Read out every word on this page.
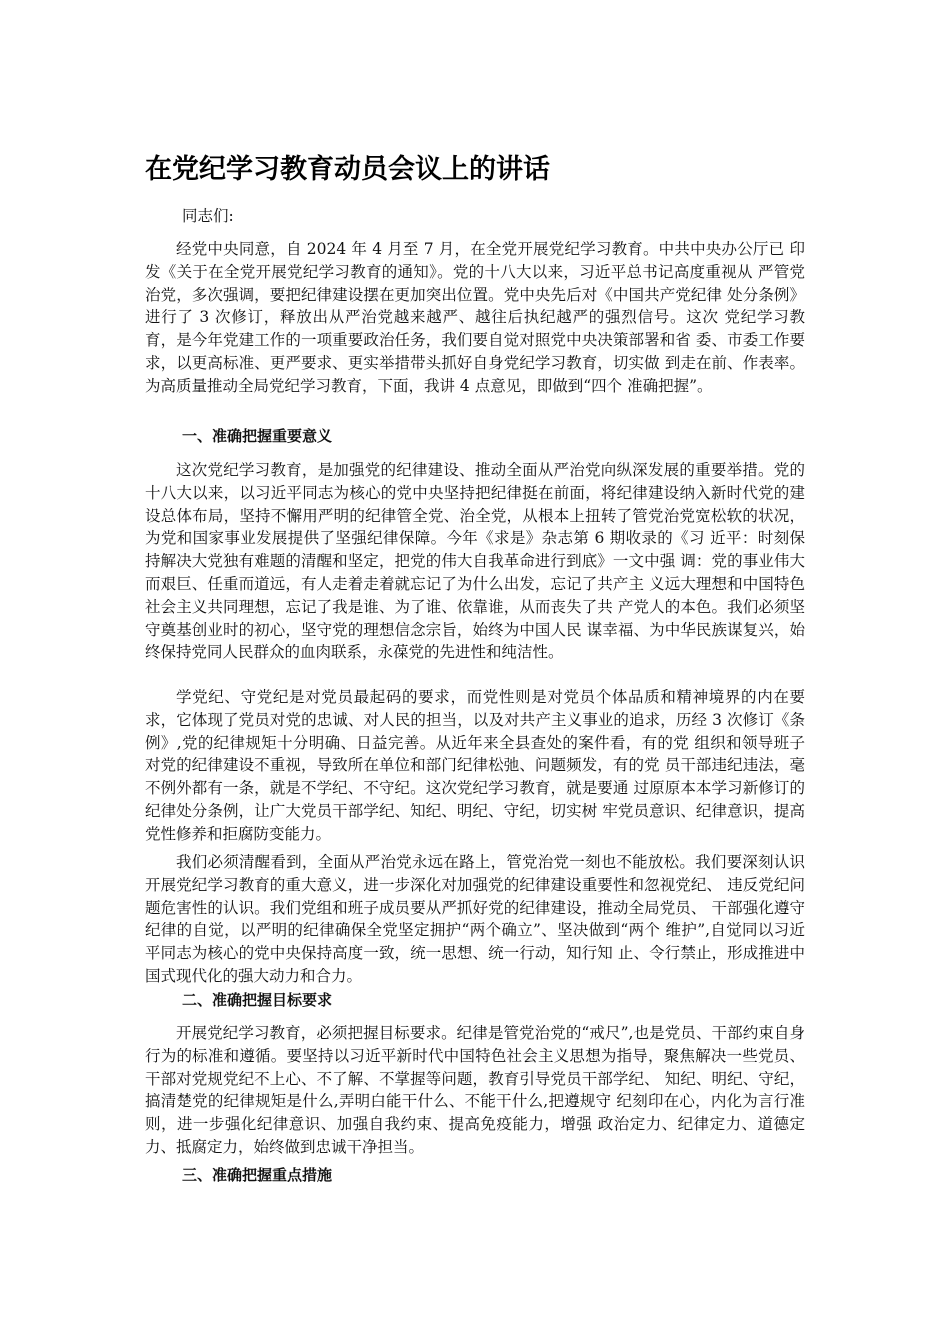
在党纪学习教育动员会议上的讲话

同志们:

经党中央同意，自 2024 年 4 月至 7 月，在全党开展党纪学习教育。中共中央办公厅已 印发《关于在全党开展党纪学习教育的通知》。党的十八大以来，习近平总书记高度重视从 严管党治党，多次强调，要把纪律建设摆在更加突出位置。党中央先后对《中国共产党纪律 处分条例》进行了 3 次修订，释放出从严治党越来越严、越往后执纪越严的强烈信号。这次 党纪学习教育，是今年党建工作的一项重要政治任务，我们要自觉对照党中央决策部署和省 委、市委工作要求，以更高标准、更严要求、更实举措带头抓好自身党纪学习教育，切实做 到走在前、作表率。为高质量推动全局党纪学习教育，下面，我讲 4 点意见，即做到“四个 准确把握”。

一、准确把握重要意义

这次党纪学习教育，是加强党的纪律建设、推动全面从严治党向纵深发展的重要举措。党的十八大以来，以习近平同志为核心的党中央坚持把纪律挺在前面，将纪律建设纳入新时代党的建设总体布局，坚持不懈用严明的纪律管全党、治全党，从根本上扭转了管党治党宽松软的状况，为党和国家事业发展提供了坚强纪律保障。今年《求是》杂志第 6 期收录的《习 近平：时刻保持解决大党独有难题的清醒和坚定，把党的伟大自我革命进行到底》一文中强 调：党的事业伟大而艰巨、任重而道远，有人走着走着就忘记了为什么出发，忘记了共产主 义远大理想和中国特色社会主义共同理想，忘记了我是谁、为了谁、依靠谁，从而丧失了共 产党人的本色。我们必须坚守奠基创业时的初心，坚守党的理想信念宗旨，始终为中国人民 谋幸福、为中华民族谋复兴，始终保持党同人民群众的血肉联系，永葆党的先进性和纯洁性。

学党纪、守党纪是对党员最起码的要求，而党性则是对党员个体品质和精神境界的内在要求，它体现了党员对党的忠诚、对人民的担当，以及对共产主义事业的追求，历经 3 次修订《条例》,党的纪律规矩十分明确、日益完善。从近年来全县查处的案件看，有的党 组织和领导班子对党的纪律建设不重视，导致所在单位和部门纪律松弛、问题频发，有的党 员干部违纪违法，毫不例外都有一条，就是不学纪、不守纪。这次党纪学习教育，就是要通 过原原本本学习新修订的纪律处分条例，让广大党员干部学纪、知纪、明纪、守纪，切实树 牢党员意识、纪律意识，提高党性修养和拒腐防变能力。

我们必须清醒看到，全面从严治党永远在路上，管党治党一刻也不能放松。我们要深刻认识开展党纪学习教育的重大意义，进一步深化对加强党的纪律建设重要性和忽视党纪、 违反党纪问题危害性的认识。我们党组和班子成员要从严抓好党的纪律建设，推动全局党员、 干部强化遵守纪律的自觉，以严明的纪律确保全党坚定拥护“两个确立”、坚决做到“两个 维护”,自觉同以习近平同志为核心的党中央保持高度一致，统一思想、统一行动，知行知 止、令行禁止，形成推进中国式现代化的强大动力和合力。

二、准确把握目标要求

开展党纪学习教育，必须把握目标要求。纪律是管党治党的“戒尺”,也是党员、干部约束自身行为的标准和遵循。要坚持以习近平新时代中国特色社会主义思想为指导，聚焦解决一些党员、干部对党规党纪不上心、不了解、不掌握等问题，教育引导党员干部学纪、 知纪、明纪、守纪，搞清楚党的纪律规矩是什么,弄明白能干什么、不能干什么,把遵规守 纪刻印在心，内化为言行准则，进一步强化纪律意识、加强自我约束、提高免疫能力，增强 政治定力、纪律定力、道德定力、抵腐定力，始终做到忠诚干净担当。

三、准确把握重点措施
